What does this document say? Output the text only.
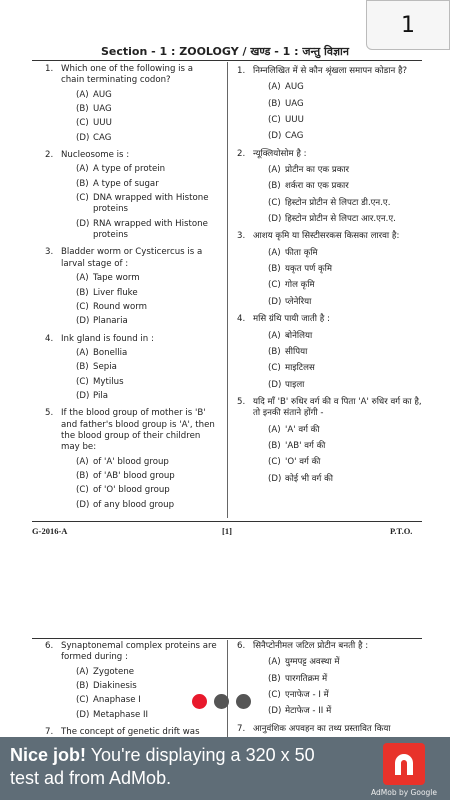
1
Section - 1 : ZOOLOGY / खण्ड - 1 : जन्तु विज्ञान
1. Which one of the following is a chain terminating codon?
(A) AUG
(B) UAG
(C) UUU
(D) CAG
2. Nucleosome is :
(A) A type of protein
(B) A type of sugar
(C) DNA wrapped with Histone proteins
(D) RNA wrapped with Histone proteins
3. Bladder worm or Cysticercus is a larval stage of :
(A) Tape worm
(B) Liver fluke
(C) Round worm
(D) Planaria
4. Ink gland is found in :
(A) Bonellia
(B) Sepia
(C) Mytilus
(D) Pila
5. If the blood group of mother is 'B' and father's blood group is 'A', then the blood group of their children may be:
(A) of 'A' blood group
(B) of 'AB' blood group
(C) of 'O' blood group
(D) of any blood group
1. निम्नलिखित में से कौन श्रृंखला समापन कोडान है?
(A) AUG
(B) UAG
(C) UUU
(D) CAG
2. न्यूक्लियोसोम है :
(A) प्रोटीन का एक प्रकार
(B) शर्करा का एक प्रकार
(C) हिस्टोन प्रोटीन से लिपटा डी.एन.ए.
(D) हिस्टोन प्रोटीन से लिपटा आर.एन.ए.
3. आशय कृमि या सिस्टीसरकस किसका लारवा है:
(A) फीता कृमि
(B) यकृत पर्ण कृमि
(C) गोल कृमि
(D) प्लेनेरिया
4. मसि ग्रंथि पायी जाती है :
(A) बोनेलिया
(B) सीपिया
(C) माइटिलस
(D) पाइला
5. यदि माँ 'B' रुधिर वर्ग की व पिता 'A' रुधिर वर्ग का है, तो इनकी संताने होंगी -
(A) 'A' वर्ग की
(B) 'AB' वर्ग की
(C) 'O' वर्ग की
(D) कोई भी वर्ग की
G-2016-A	[1]	P.T.O.
6. Synaptonemal complex proteins are formed during :
(A) Zygotene
(B) Diakinesis
(C) Anaphase I
(D) Metaphase II
7. The concept of genetic drift was
6. सिनैप्टोनीमल जटिल प्रोटीन बनती है :
(A) युग्मपट्ट अवस्था में
(B) पारगतिक्रम में
(C) एनाफेज - I में
(D) मेटाफेज - II में
7. आनुवंशिक अपवहन का तथ्य प्रस्तावित किया
Nice job! You're displaying a 320 x 50 test ad from AdMob.
AdMob by Google
